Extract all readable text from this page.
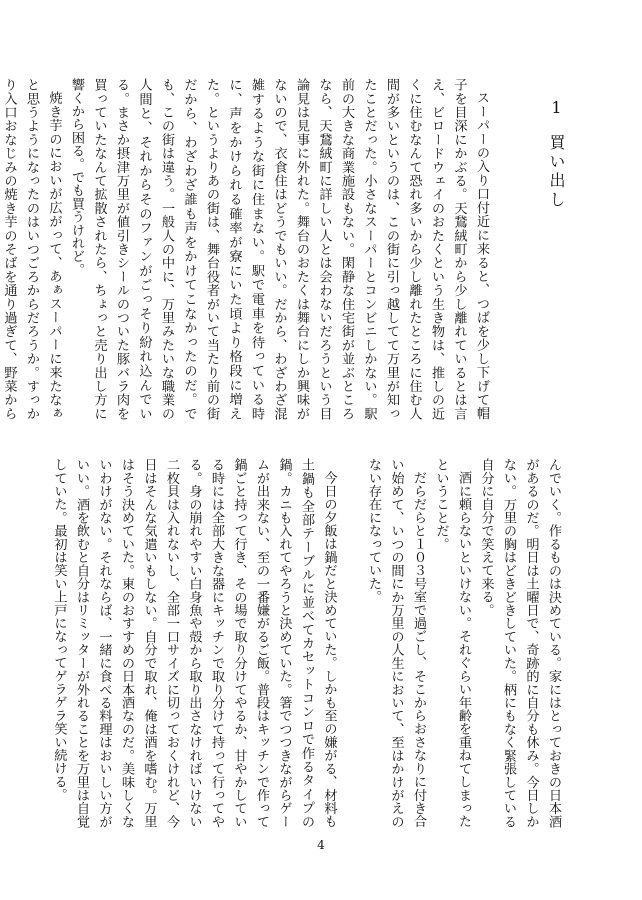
1買い出し

スーパーの入り口付近に来ると、つばを少し下げて帽子を目深にかぶる。天鵞絨町から少し離れているとは言え、ビロードウェイのおたくという生き物は、推しの近くに住むなんて恐れ多いから少し離れたところに住む人間が多いというのは、この街に引っ越してて万里が知ったことだった。小さなスーパーとコンビニしかない。駅前の大きな商業施設もない。閑静な住宅街が並ぶところなら、天鵞絨町に詳しい人とは会わないだろうという目論見は見事に外れた。舞台のおたくは舞台にしか興味がないので、衣食住はどうでもいい。だから、わざわざ混雑するような街に住まない。駅で電車を待っている時に、声をかけられる確率が寮にいた頃より格段に増えた。というよりあの街は、舞台役者がいて当たり前の街だから、わざわざ誰も声をかけてこなかったのだ。でも、この街は違う。一般人の中に、万里みたいな職業の人間と、それからそのファンがごっそり紛れ込んでいる。まさか摂津万里が値引きシールのついた豚バラ肉を買っていたなんて拡散されたら、ちょっと売り出し方に響くから困る。でも買うけれど。

焼き芋のにおいが広がって、あぁスーパーに来たなぁと思うようになったのはいつごろからだろうか。すっかり入口おなじみの焼き芋のそばを通り過ぎて、野菜から

んでいく。作るものは決めている。家にはとっておきの日本酒があるのだ。明日は土曜日で、奇跡的に自分も休み。今日しかない。万里の胸はどきどきしていた。柄にもなく緊張している自分に自分で笑えて来る。

酒に頼らないといけない。それぐらい年齢を重ねてしまったということだ。

だらだらと１０３号室で過ごし、そこからおさなりに付き合い始めて、いつの間にか万里の人生において、至はかけがえのない存在になっていた。

今日の夕飯は鍋だと決めていた。しかも至の嫌がる、材料も土鍋も全部テーブルに並べてカセットコンロで作るタイプの鍋。カニも入れてやろうと決めていた。箸でつつきながらゲームが出来ない、至の一番嫌がるご飯。普段はキッチンで作って鍋ごと持って行き、その場で取り分けてやるか、甘やかしている時には全部大きな器にキッチンで取り分けて持って行ってやる。身の崩れやすい白身魚や殻から取り出さなければいけない二枚貝は入れないし、全部一口サイズに切っておくけれど、今日はそんな気遣いもしない。自分で取れ、俺は酒を嗜む。万里はそう決めていた。東のおすすめの日本酒なのだ。美味しくないわけがない。それならば、一緒に食べる料理はおいしい方がいい。酒を飲むと自分はリミッターが外れることを万里は自覚していた。最初は笑い上戸になってゲラゲラ笑い続ける。

4
